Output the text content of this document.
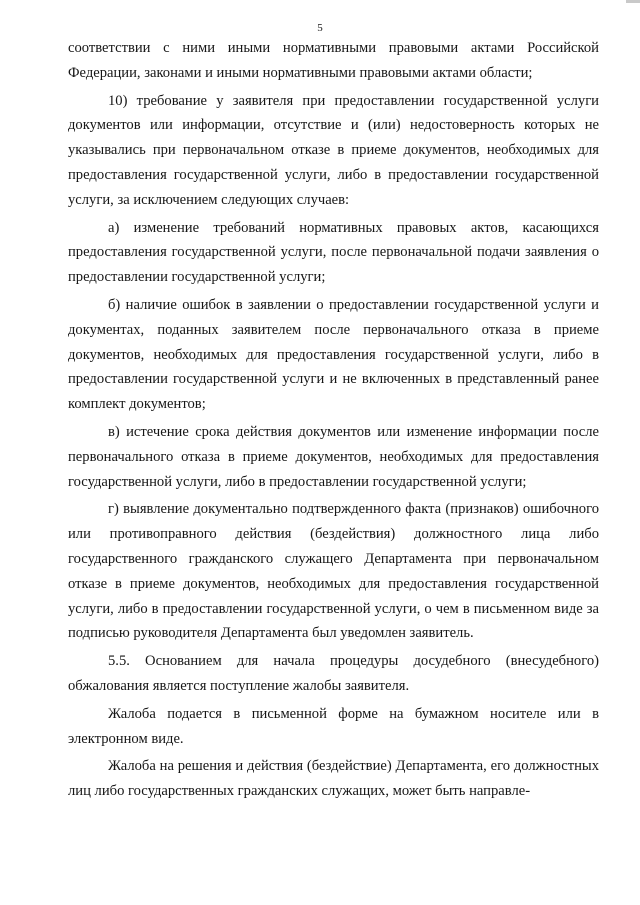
5

соответствии с ними иными нормативными правовыми актами Российской Федерации, законами и иными нормативными правовыми актами области;

10) требование у заявителя при предоставлении государственной услуги документов или информации, отсутствие и (или) недостоверность которых не указывались при первоначальном отказе в приеме документов, необходимых для предоставления государственной услуги, либо в предоставлении государственной услуги, за исключением следующих случаев:

а) изменение требований нормативных правовых актов, касающихся предоставления государственной услуги, после первоначальной подачи заявления о предоставлении государственной услуги;

б) наличие ошибок в заявлении о предоставлении государственной услуги и документах, поданных заявителем после первоначального отказа в приеме документов, необходимых для предоставления государственной услуги, либо в предоставлении государственной услуги и не включенных в представленный ранее комплект документов;

в) истечение срока действия документов или изменение информации после первоначального отказа в приеме документов, необходимых для предоставления государственной услуги, либо в предоставлении государственной услуги;

г) выявление документально подтвержденного факта (признаков) ошибочного или противоправного действия (бездействия) должностного лица либо государственного гражданского служащего Департамента при первоначальном отказе в приеме документов, необходимых для предоставления государственной услуги, либо в предоставлении государственной услуги, о чем в письменном виде за подписью руководителя Департамента был уведомлен заявитель.

5.5. Основанием для начала процедуры досудебного (внесудебного) обжалования является поступление жалобы заявителя.

Жалоба подается в письменной форме на бумажном носителе или в электронном виде.

Жалоба на решения и действия (бездействие) Департамента, его должностных лиц либо государственных гражданских служащих, может быть направле-
